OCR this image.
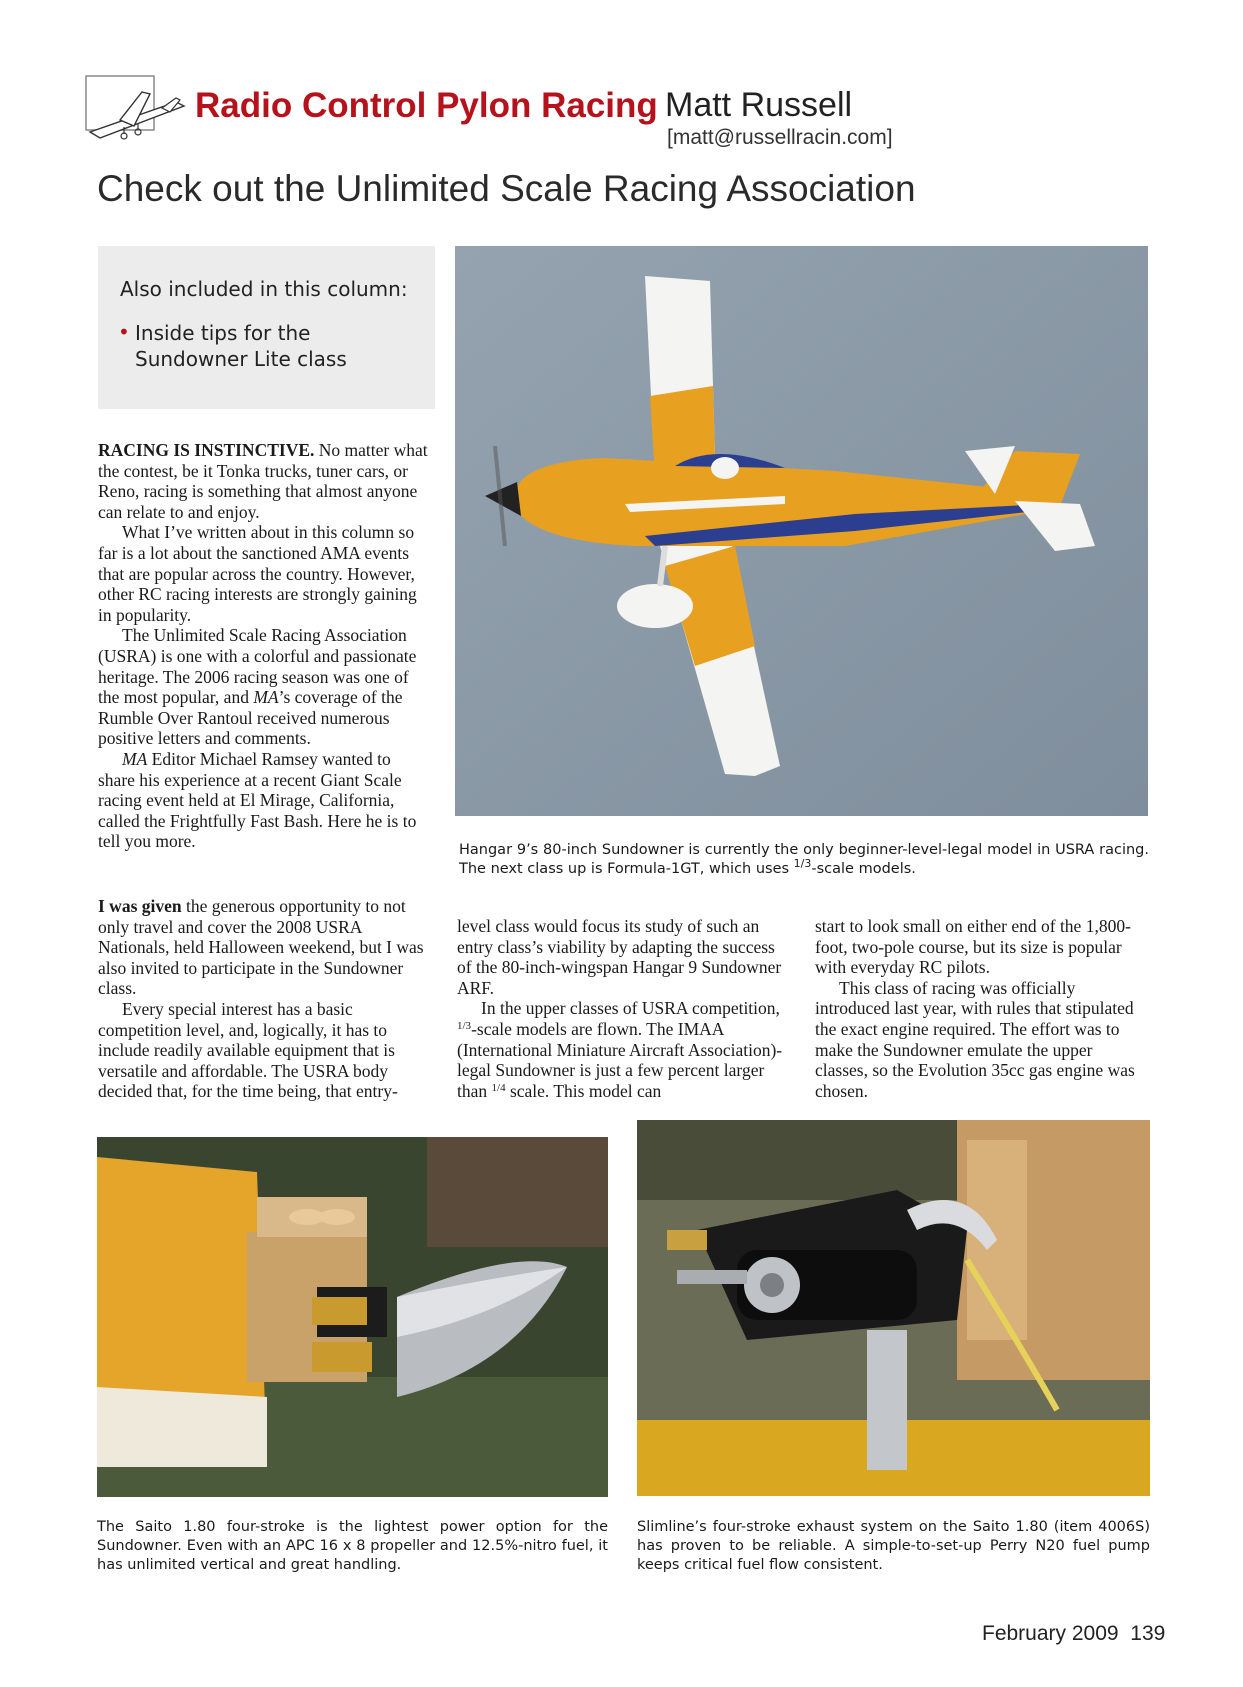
Radio Control Pylon Racing Matt Russell
[matt@russellracin.com]
Check out the Unlimited Scale Racing Association
Also included in this column:
• Inside tips for the Sundowner Lite class

RACING IS INSTINCTIVE. No matter what the contest, be it Tonka trucks, tuner cars, or Reno, racing is something that almost anyone can relate to and enjoy.

What I’ve written about in this column so far is a lot about the sanctioned AMA events that are popular across the country. However, other RC racing interests are strongly gaining in popularity.

The Unlimited Scale Racing Association (USRA) is one with a colorful and passionate heritage. The 2006 racing season was one of the most popular, and MA’s coverage of the Rumble Over Rantoul received numerous positive letters and comments.

MA Editor Michael Ramsey wanted to share his experience at a recent Giant Scale racing event held at El Mirage, California, called the Frightfully Fast Bash. Here he is to tell you more.

I was given the generous opportunity to not only travel and cover the 2008 USRA Nationals, held Halloween weekend, but I was also invited to participate in the Sundowner class.

Every special interest has a basic competition level, and, logically, it has to include readily available equipment that is versatile and affordable. The USRA body decided that, for the time being, that entry-

level class would focus its study of such an entry class’s viability by adapting the success of the 80-inch-wingspan Hangar 9 Sundowner ARF.

In the upper classes of USRA competition, $^{1/3}$-scale models are flown. The IMAA (International Miniature Aircraft Association)-legal Sundowner is just a few percent larger than $^{1/4}$ scale. This model can

start to look small on either end of the 1,800-foot, two-pole course, but its size is popular with everyday RC pilots.

This class of racing was officially introduced last year, with rules that stipulated the exact engine required. The effort was to make the Sundowner emulate the upper classes, so the Evolution 35cc gas engine was chosen.

Hangar 9’s 80-inch Sundowner is currently the only beginner-level-legal model in USRA racing. The next class up is Formula-1GT, which uses $^{1/3}$-scale models.
The Saito 1.80 four-stroke is the lightest power option for the Sundowner. Even with an APC 16 x 8 propeller and 12.5%-nitro fuel, it has unlimited vertical and great handling.
Slimline’s four-stroke exhaust system on the Saito 1.80 (item 4006S) has proven to be reliable. A simple-to-set-up Perry N20 fuel pump keeps critical fuel flow consistent.
February 2009 139
